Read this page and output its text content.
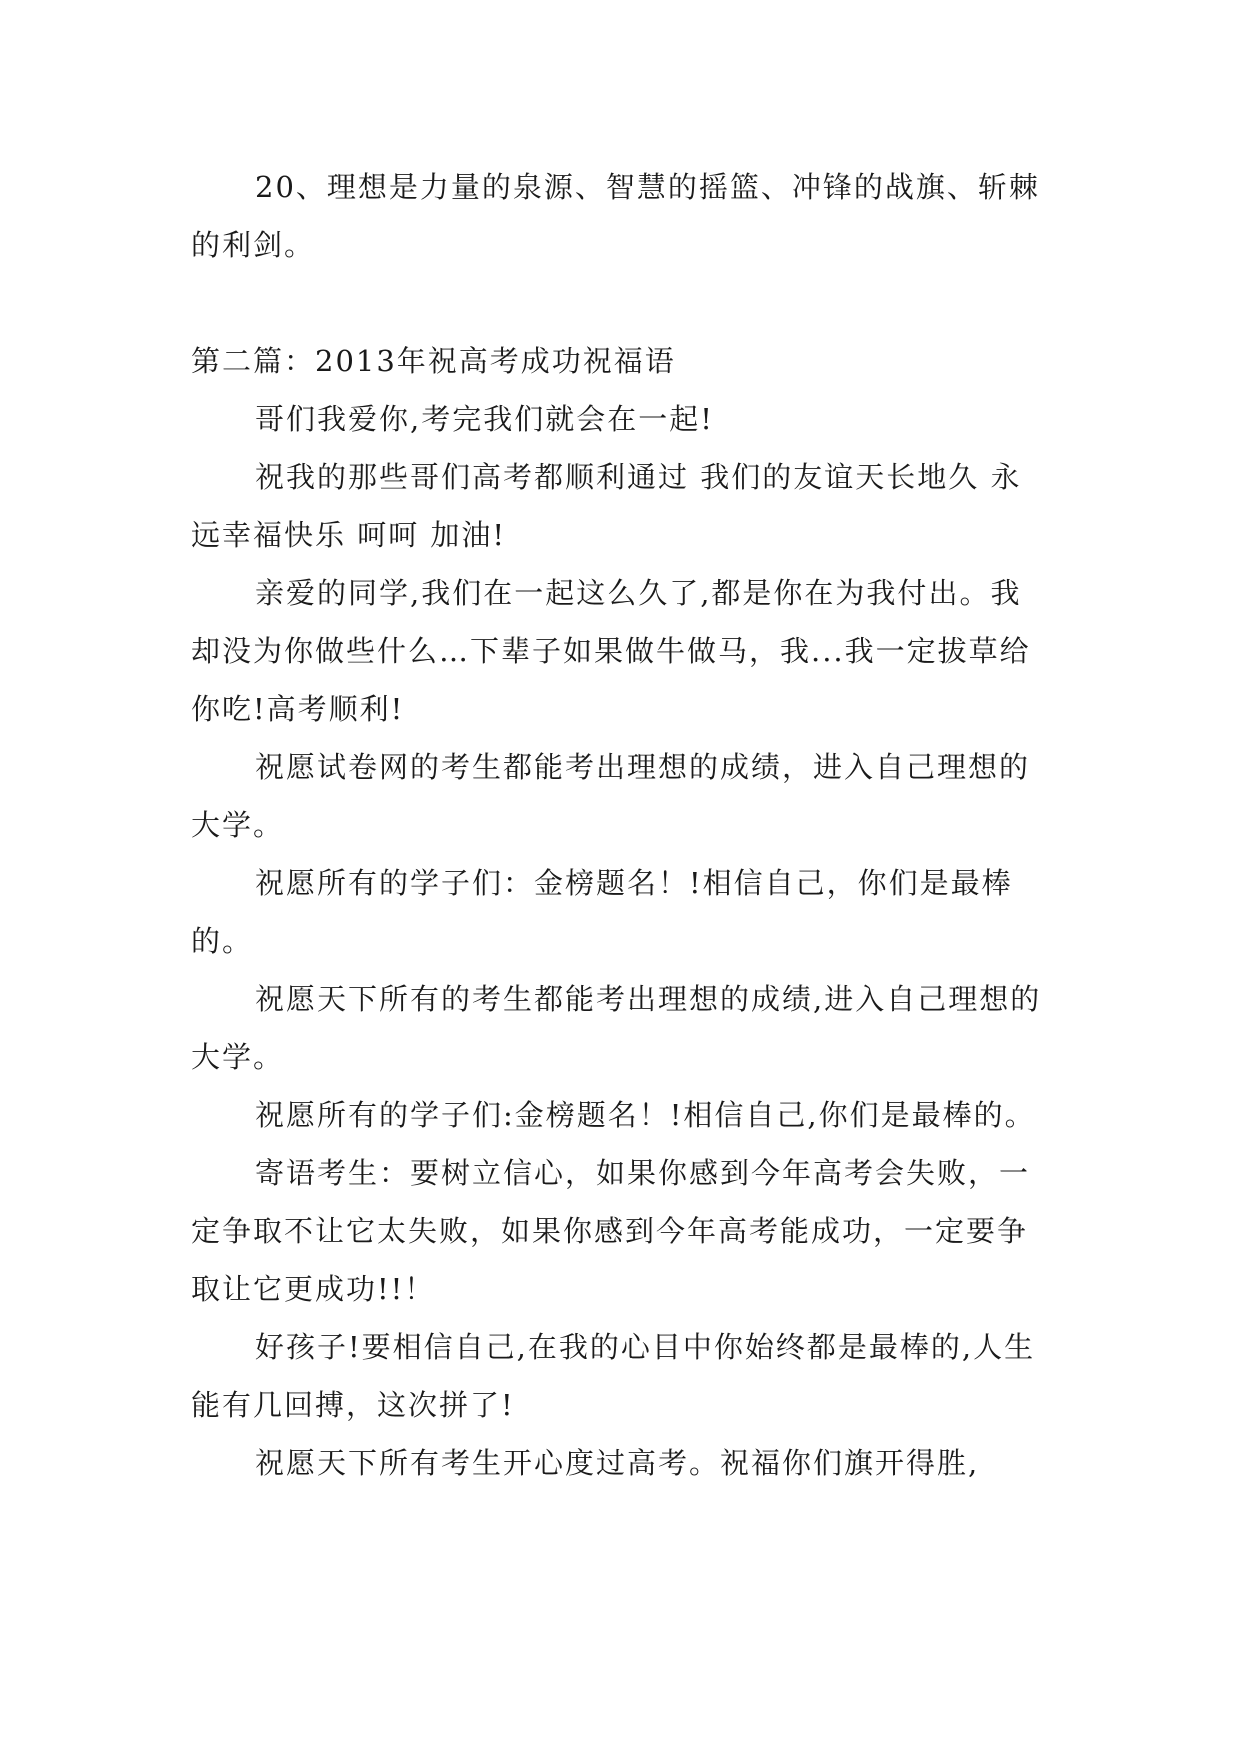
20、理想是力量的泉源、智慧的摇篮、冲锋的战旗、斩棘的利剑。

第二篇：2013年祝高考成功祝福语

哥们我爱你,考完我们就会在一起!

祝我的那些哥们高考都顺利通过 我们的友谊天长地久 永远幸福快乐 呵呵 加油!

亲爱的同学,我们在一起这么久了,都是你在为我付出。我却没为你做些什么…下辈子如果做牛做马，我...我一定拔草给你吃!高考顺利!

祝愿试卷网的考生都能考出理想的成绩，进入自己理想的大学。

祝愿所有的学子们：金榜题名！!相信自己，你们是最棒的。

祝愿天下所有的考生都能考出理想的成绩,进入自己理想的大学。

祝愿所有的学子们:金榜题名！!相信自己,你们是最棒的。

寄语考生：要树立信心，如果你感到今年高考会失败，一定争取不让它太失败，如果你感到今年高考能成功，一定要争取让它更成功!!！

好孩子!要相信自己,在我的心目中你始终都是最棒的,人生能有几回搏，这次拼了!

祝愿天下所有考生开心度过高考。祝福你们旗开得胜,
